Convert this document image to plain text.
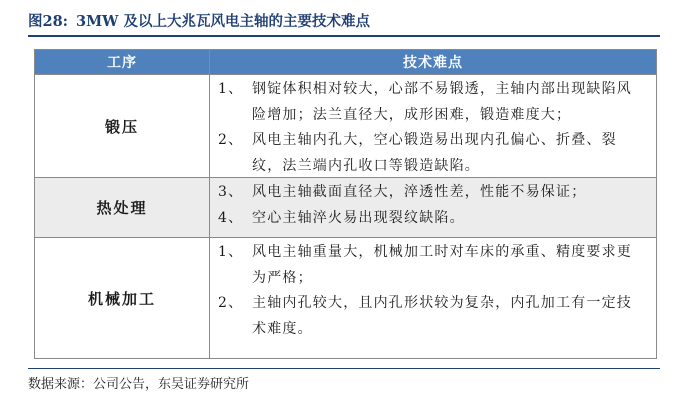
图28: 3MW 及以上大兆瓦风电主轴的主要技术难点
工序	技术难点
锻压
1、 钢锭体积相对较大，心部不易锻透，主轴内部出现缺陷风险增加；法兰直径大，成形困难，锻造难度大；
2、 风电主轴内孔大，空心锻造易出现内孔偏心、折叠、裂纹，法兰端内孔收口等锻造缺陷。
热处理
3、 风电主轴截面直径大，淬透性差，性能不易保证；
4、 空心主轴淬火易出现裂纹缺陷。
机械加工
1、 风电主轴重量大，机械加工时对车床的承重、精度要求更为严格；
2、 主轴内孔较大，且内孔形状较为复杂，内孔加工有一定技术难度。
数据来源：公司公告，东吴证券研究所
